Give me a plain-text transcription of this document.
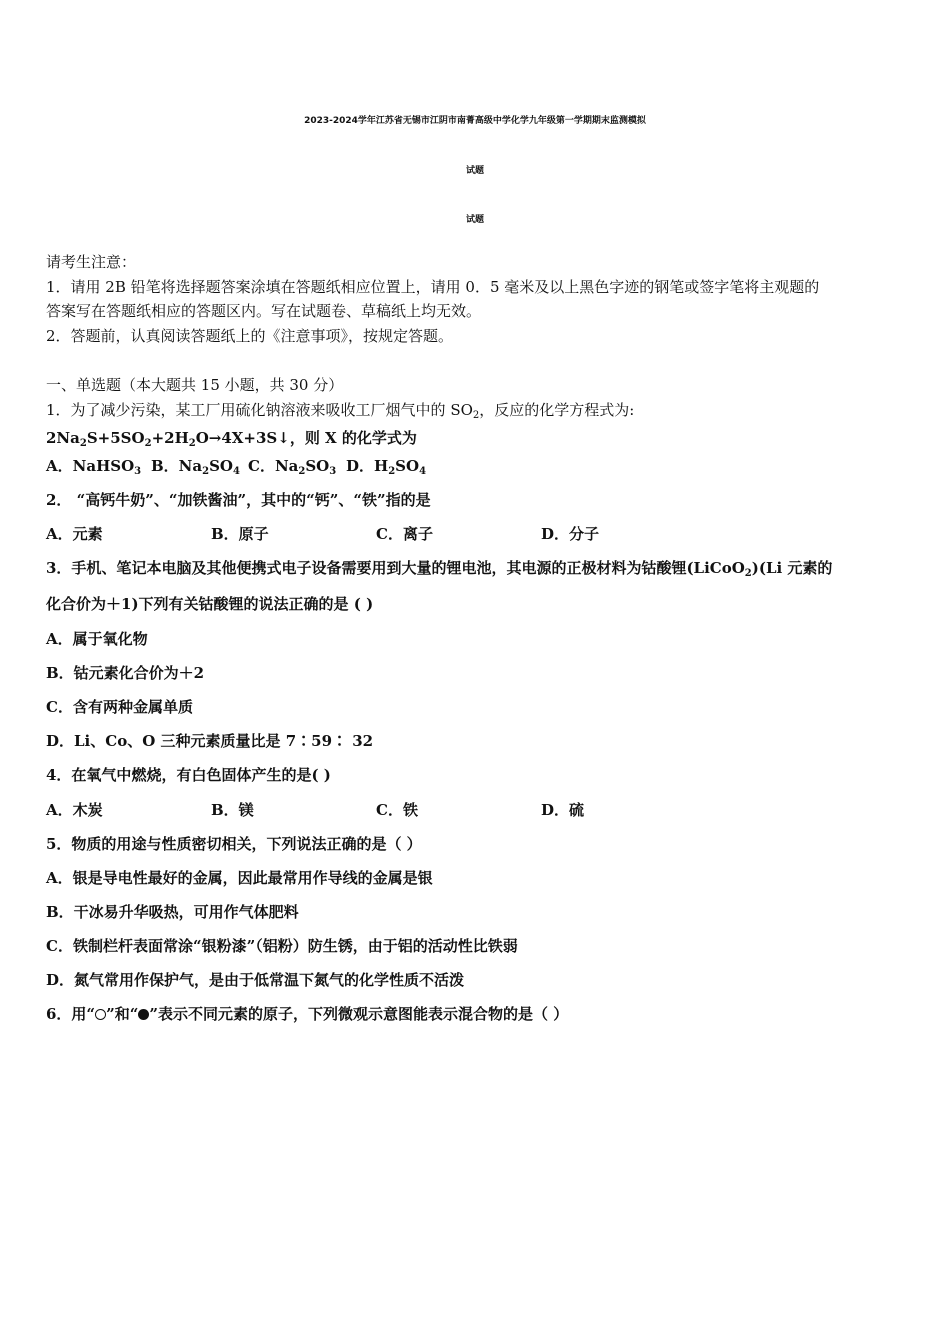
2023-2024学年江苏省无锡市江阴市南菁高级中学化学九年级第一学期期末监测模拟
试题
试题
请考生注意：
1．请用 2B 铅笔将选择题答案涂填在答题纸相应位置上，请用 0．5 毫米及以上黑色字迹的钢笔或签字笔将主观题的
答案写在答题纸相应的答题区内。写在试题卷、草稿纸上均无效。
2．答题前，认真阅读答题纸上的《注意事项》，按规定答题。
一、单选题（本大题共 15 小题，共 30 分）
1．为了减少污染，某工厂用硫化钠溶液来吸收工厂烟气中的 $SO_2$，反应的化学方程式为:
$2Na_2S+5SO_2+2H_2O\to 4X+3S↓$，则 X 的化学式为
A．NaHSO$_3$ B．$Na_2SO_4$ C．$Na_2SO_3$ D．$H_2SO_4$
2． “高钙牛奶”、“加铁酱油”，其中的“钙”、“铁”指的是
A．元素	B．原子	C．离子	D．分子
3．手机、笔记本电脑及其他便携式电子设备需要用到大量的锂电池，其电源的正极材料为钴酸锂(LiCoO$_2$)(Li 元素的
化合价为＋1)下列有关钴酸锂的说法正确的是 ( )
A．属于氧化物
B．钴元素化合价为＋2
C．含有两种金属单质
D．Li、Co、O 三种元素质量比是 7∶59∶ 32
4．在氧气中燃烧，有白色固体产生的是( )
A．木炭	B．镁	C．铁	D．硫
5．物质的用途与性质密切相关，下列说法正确的是（ ）
A．银是导电性最好的金属，因此最常用作导线的金属是银
B．干冰易升华吸热，可用作气体肥料
C．铁制栏杆表面常涂“银粉漆”（铝粉）防生锈，由于铝的活动性比铁弱
D．氮气常用作保护气，是由于低常温下氮气的化学性质不活泼
6．用“ ”和“ ”表示不同元素的原子，下列微观示意图能表示混合物的是（ ）
